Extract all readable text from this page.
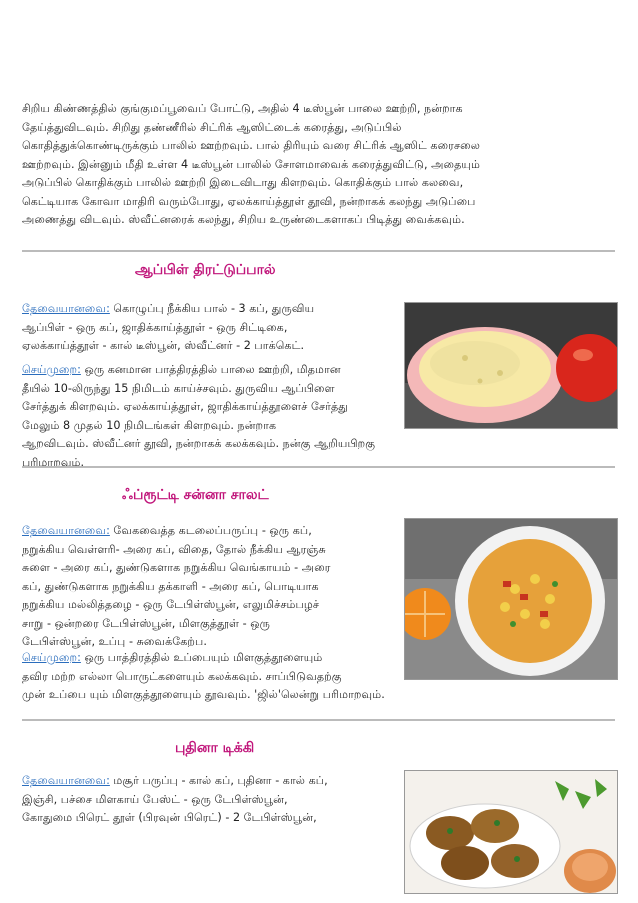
சிறிய கிண்ணத்தில் குங்குமப்பூவைப் போட்டு, அதில் 4 டீஸ்பூன் பாலை ஊற்றி, நன்றாக
தேய்த்துவிடவும். சிறிது தண்ணீரில் சிட்ரிக் ஆஸிட்டைக் கரைத்து, அடுப்பில்
கொதித்துக்கொண்டிருக்கும் பாலில் ஊற்றவும். பால் திரியும் வரை சிட்ரிக் ஆஸிட் கரைசலை
ஊற்றவும். இன்னும் மீதி உள்ள 4 டீஸ்பூன் பாலில் சோளமாவைக் கரைத்துவிட்டு, அதையும்
அடுப்பில் கொதிக்கும் பாலில் ஊற்றி இடைவிடாது கிளறவும். கொதிக்கும் பால் கலவை,
கெட்டியாக கோவா மாதிரி வரும்போது, ஏலக்காய்த்தூள் தூவி, நன்றாகக் கலந்து அடுப்பை
அணைத்து விடவும். ஸ்வீட்னரைக் கலந்து, சிறிய உருண்டைகளாகப் பிடித்து வைக்கவும்.
ஆப்பிள் திரட்டுப்பால்
தேவையானவை: கொழுப்பு நீக்கிய பால் - 3 கப், துருவிய
ஆப்பிள் - ஒரு கப், ஜாதிக்காய்த்தூள் - ஒரு சிட்டிகை,
ஏலக்காய்த்தூள் - கால் டீஸ்பூன், ஸ்வீட்னர் - 2 பாக்கெட்.
செய்முறை: ஒரு கனமான பாத்திரத்தில் பாலை ஊற்றி, மிதமான
தீயில் 10-லிருந்து 15 நிமிடம் காய்ச்சவும். துருவிய ஆப்பிளை
சேர்த்துக் கிளறவும். ஏலக்காய்த்தூள், ஜாதிக்காய்த்தூளைச் சேர்த்து
மேலும் 8 முதல் 10 நிமிடங்கள் கிளறவும். நன்றாக
ஆறவிடவும். ஸ்வீட்னர் தூவி, நன்றாகக் கலக்கவும். நன்கு ஆறியபிறகு பரிமாறவும்.
ஃப்ரூட்டி சன்னா சாலட்
தேவையானவை: வேகவைத்த கடலைப்பருப்பு - ஒரு கப்,
நறுக்கிய வெள்ளரி- அரை கப், விதை, தோல் நீக்கிய ஆரஞ்சு
சுளை - அரை கப், துண்டுகளாக நறுக்கிய வெங்காயம் - அரை
கப், துண்டுகளாக நறுக்கிய தக்காளி - அரை கப், பொடியாக
நறுக்கிய மல்லித்தழை - ஒரு டேபிள்ஸ்பூன், எலுமிச்சம்பழச்
சாறு - ஒன்றரை டேபிள்ஸ்பூன், மிளகுத்தூள் - ஒரு
டேபிள்ஸ்பூன், உப்பு - சுவைக்கேற்ப.
செய்முறை: ஒரு பாத்திரத்தில் உப்பையும் மிளகுத்தூளையும்
தவிர மற்ற எல்லா பொருட்களையும் கலக்கவும். சாப்பிடுவதற்கு
முன் உப்பை யும் மிளகுத்தூளையும் தூவவும். 'ஜில்'லென்று பரிமாறவும்.
புதினா டிக்கி
தேவையானவை: மசூர் பருப்பு - கால் கப், புதினா - கால் கப்,
இஞ்சி, பச்சை மிளகாய் பேஸ்ட் - ஒரு டேபிள்ஸ்பூன்,
கோதுமை பிரெட் தூள் (பிரவுன் பிரெட்) - 2 டேபிள்ஸ்பூன்,
